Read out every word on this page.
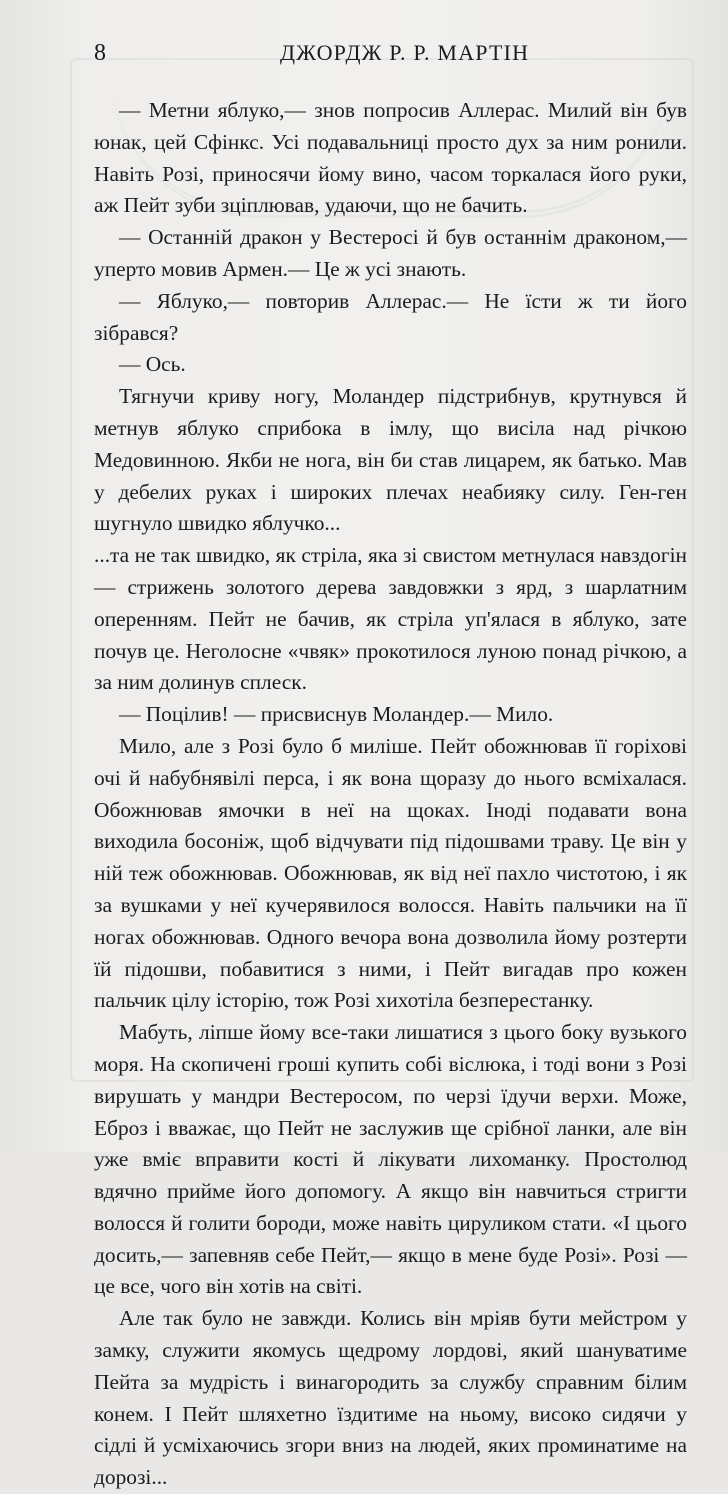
8	ДЖОРДЖ Р. Р. МАРТІН

— Метни яблуко,— знов попросив Аллерас. Милий він був юнак, цей Сфінкс. Усі подавальниці просто дух за ним ронили. Навіть Розі, приносячи йому вино, часом торкалася його руки, аж Пейт зуби зціплював, удаючи, що не бачить.

— Останній дракон у Вестеросі й був останнім драконом,— уперто мовив Армен.— Це ж усі знають.

— Яблуко,— повторив Аллерас.— Не їсти ж ти його зібрався?

— Ось.

Тягнучи криву ногу, Моландер підстрибнув, крутнувся й метнув яблуко сприбока в імлу, що висіла над річкою Медовинною. Якби не нога, він би став лицарем, як батько. Мав у дебелих руках і широких плечах неабияку силу. Ген-ген шугнуло швидко яблучко...

...та не так швидко, як стріла, яка зі свистом метнулася навздогін — стрижень золотого дерева завдовжки з ярд, з шарлатним оперенням. Пейт не бачив, як стріла уп'ялася в яблуко, зате почув це. Неголосне «чвяк» прокотилося луною понад річкою, а за ним долинув сплеск.

— Поцілив! — присвиснув Моландер.— Мило.

Мило, але з Розі було б миліше. Пейт обожнював її горіхові очі й набубнявілі перса, і як вона щоразу до нього всміхалася. Обожнював ямочки в неї на щоках. Іноді подавати вона виходила босоніж, щоб відчувати під підошвами траву. Це він у ній теж обожнював. Обожнював, як від неї пахло чистотою, і як за вушками у неї кучерявилося волосся. Навіть пальчики на її ногах обожнював. Одного вечора вона дозволила йому розтерти їй підошви, побавитися з ними, і Пейт вигадав про кожен пальчик цілу історію, тож Розі хихотіла безперестанку.

Мабуть, ліпше йому все-таки лишатися з цього боку вузького моря. На скопичені гроші купить собі віслюка, і тоді вони з Розі вирушать у мандри Вестеросом, по черзі їдучи верхи. Може, Еброз і вважає, що Пейт не заслужив ще срібної ланки, але він уже вміє вправити кості й лікувати лихоманку. Простолюд вдячно прийме його допомогу. А якщо він навчиться стригти волосся й голити бороди, може навіть цируликом стати. «І цього досить,— запевняв себе Пейт,— якщо в мене буде Розі». Розі — це все, чого він хотів на світі.

Але так було не завжди. Колись він мріяв бути мейстром у замку, служити якомусь щедрому лордові, який шануватиме Пейта за мудрість і винагородить за службу справним білим конем. І Пейт шляхетно їздитиме на ньому, високо сидячи у сідлі й усміхаючись згори вниз на людей, яких проминатиме на дорозі...
